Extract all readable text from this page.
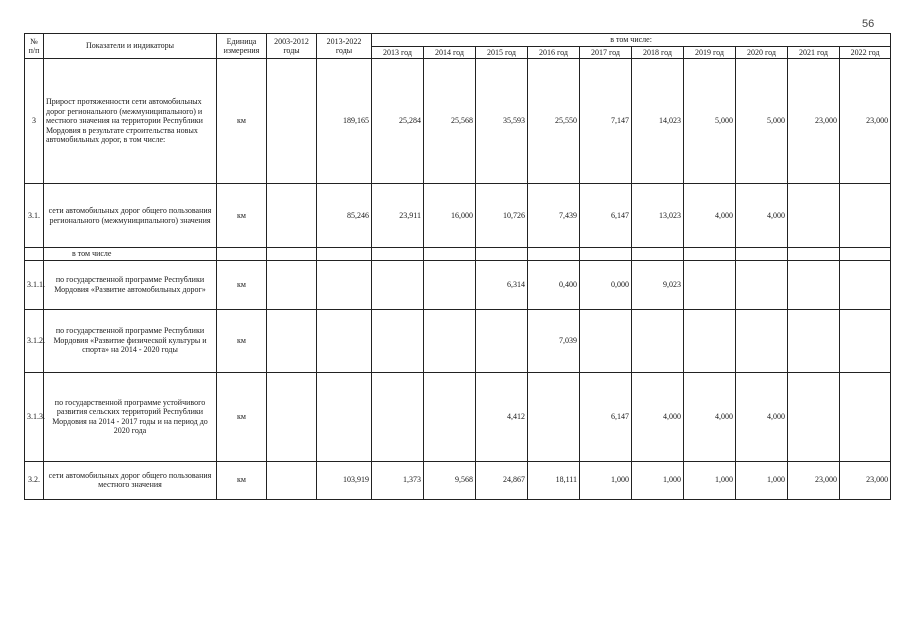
56
№
п/п	Показатели и индикаторы	Единица измерения	2003-2012 годы	2013-2022 годы	в том числе:									
					2013 год	2014 год	2015 год	2016 год	2017 год	2018 год	2019 год	2020 год	2021 год	2022 год
3	Прирост протяженности сети автомобильных дорог регионального (межмуниципального) и местного значения на территории Республики Мордовия в результате строительства новых автомобильных дорог, в том числе:	км		189,165	25,284	25,568	35,593	25,550	7,147	14,023	5,000	5,000	23,000	23,000
3.1.	сети автомобильных дорог общего пользования регионального (межмуниципального) значения	км		85,246	23,911	16,000	10,726	7,439	6,147	13,023	4,000	4,000		
	в том числе													
3.1.1.	по государственной программе Республики Мордовия «Развитие автомобильных дорог»	км					6,314	0,400	0,000	9,023				
3.1.2.	по государственной программе Республики Мордовия «Развитие физической культуры и спорта» на 2014 - 2020 годы	км						7,039						
3.1.3.	по государственной программе устойчивого развития сельских территорий Республики Мордовия на 2014 - 2017 годы и на период до 2020 года	км					4,412		6,147	4,000	4,000	4,000		
3.2.	сети автомобильных дорог общего пользования местного значения	км		103,919	1,373	9,568	24,867	18,111	1,000	1,000	1,000	1,000	23,000	23,000
